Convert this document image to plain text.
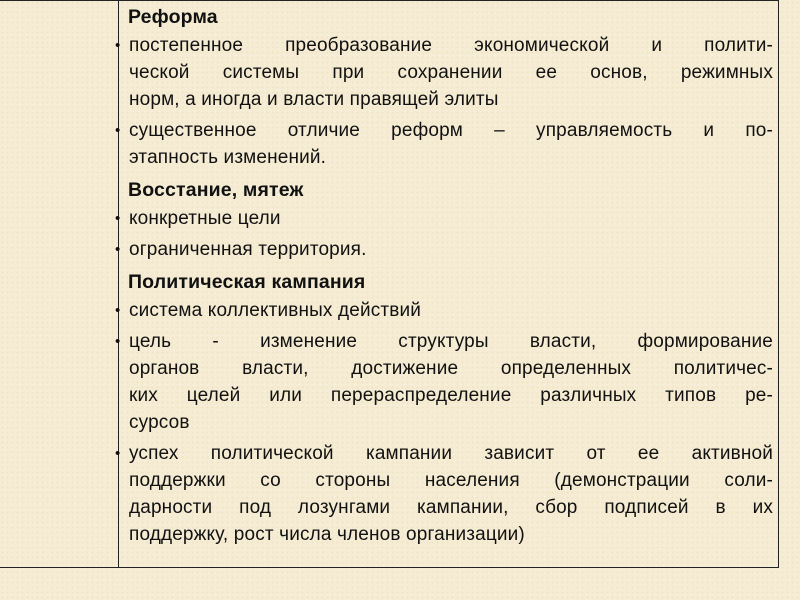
Реформа
• постепенное преобразование экономической и полити-
ческой системы при сохранении ее основ, режимных
норм, а иногда и власти правящей элиты
• существенное отличие реформ – управляемость и по-
этапность изменений.
Восстание, мятеж
• конкретные цели
• ограниченная территория.
Политическая кампания
• система коллективных действий
• цель - изменение структуры власти, формирование
органов власти, достижение определенных политичес-
ких целей или перераспределение различных типов ре-
сурсов
• успех политической кампании зависит от ее активной
поддержки со стороны населения (демонстрации соли-
дарности под лозунгами кампании, сбор подписей в их
поддержку, рост числа членов организации)
